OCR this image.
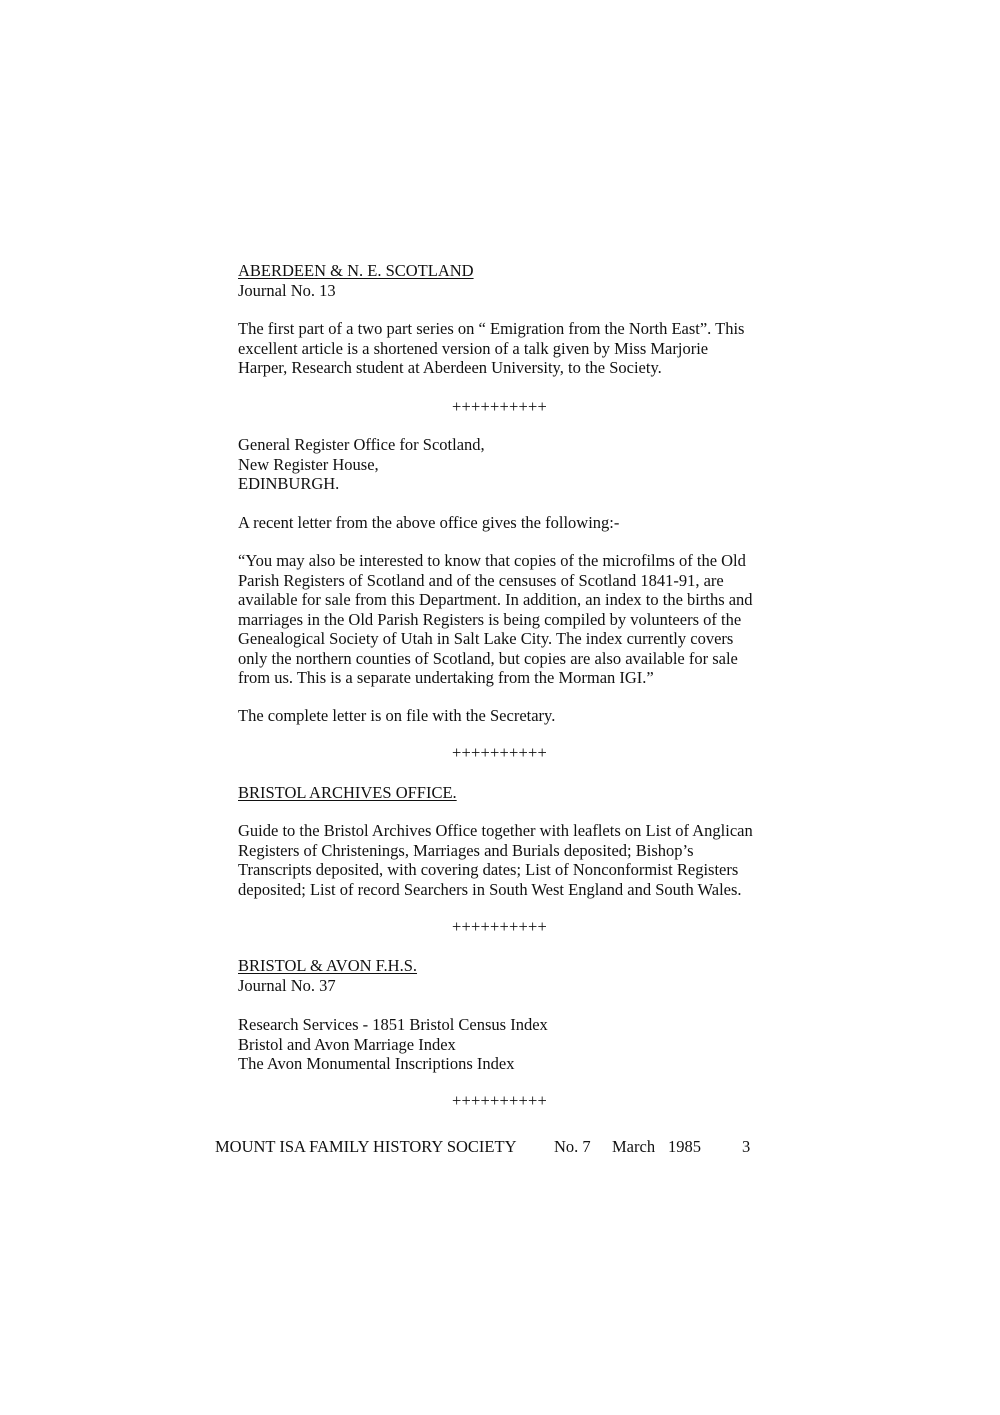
ABERDEEN & N. E. SCOTLAND
Journal No. 13
The first part of a two part series on “ Emigration from the North East”. This
excellent article is a shortened version of a talk given by Miss Marjorie
Harper, Research student at Aberdeen University, to the Society.
++++++++++
General Register Office for Scotland,
New Register House,
EDINBURGH.
A recent letter from the above office gives the following:-
“You may also be interested to know that copies of the microfilms of the Old
Parish Registers of Scotland and of the censuses of Scotland 1841-91, are
available for sale from this Department. In addition, an index to the births and
marriages in the Old Parish Registers is being compiled by volunteers of the
Genealogical Society of Utah in Salt Lake City. The index currently covers
only the northern counties of Scotland, but copies are also available for sale
from us. This is a separate undertaking from the Morman IGI.”
The complete letter is on file with the Secretary.
++++++++++
BRISTOL ARCHIVES OFFICE.
Guide to the Bristol Archives Office together with leaflets on List of Anglican
Registers of Christenings, Marriages and Burials deposited; Bishop’s
Transcripts deposited, with covering dates; List of Nonconformist Registers
deposited; List of record Searchers in South West England and South Wales.
++++++++++
BRISTOL & AVON F.H.S.
Journal No. 37
Research Services - 1851 Bristol Census Index
Bristol and Avon Marriage Index
The Avon Monumental Inscriptions Index
++++++++++
MOUNT ISA FAMILY HISTORY SOCIETY No. 7 March 1985 3
